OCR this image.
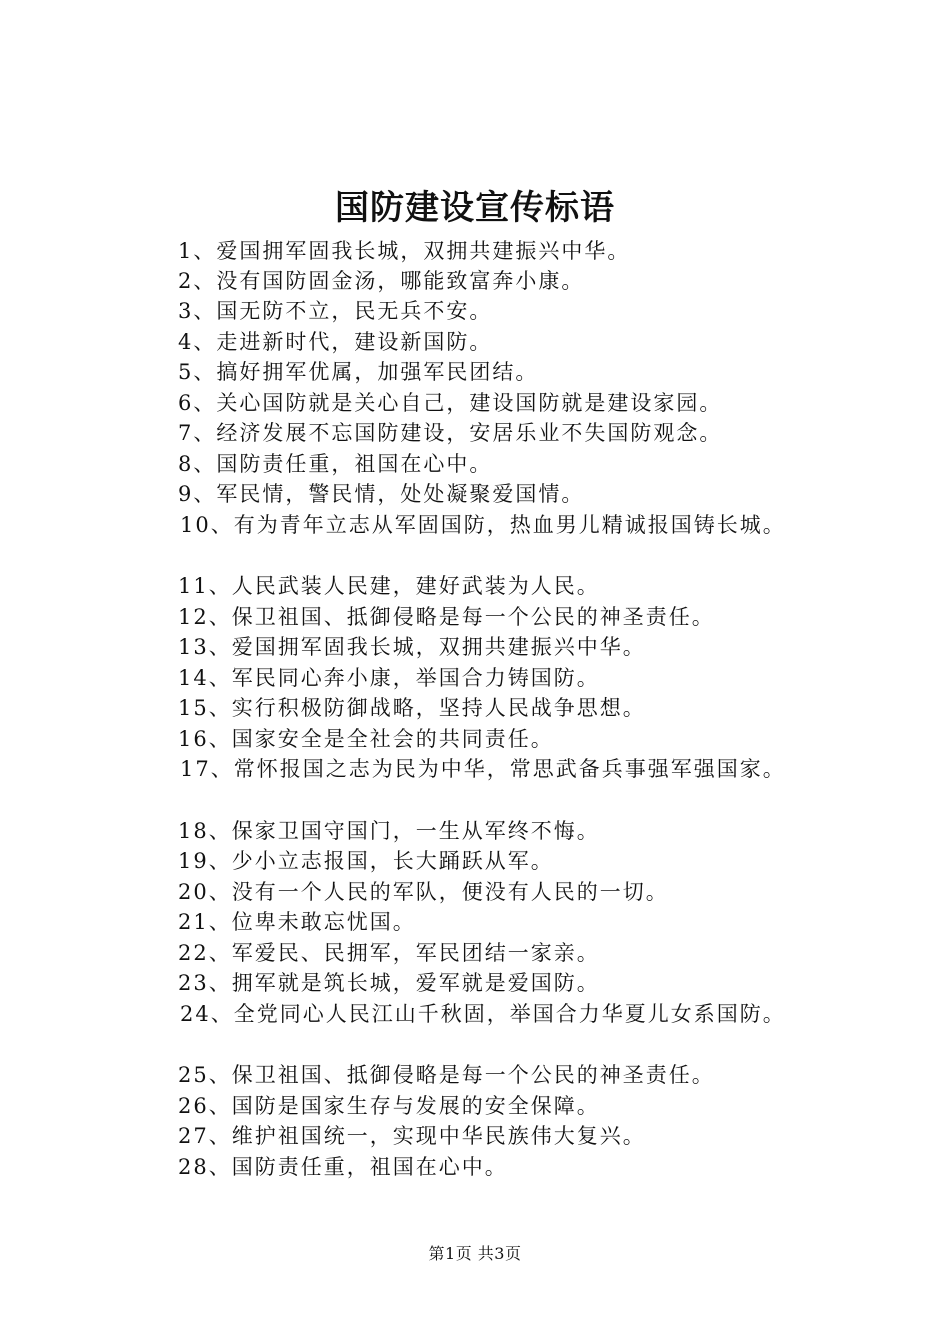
国防建设宣传标语
1、爱国拥军固我长城，双拥共建振兴中华。
2、没有国防固金汤，哪能致富奔小康。
3、国无防不立，民无兵不安。
4、走进新时代，建设新国防。
5、搞好拥军优属，加强军民团结。
6、关心国防就是关心自己，建设国防就是建设家园。
7、经济发展不忘国防建设，安居乐业不失国防观念。
8、国防责任重，祖国在心中。
9、军民情，警民情，处处凝聚爱国情。
10、有为青年立志从军固国防，热血男儿精诚报国铸长城。
11、人民武装人民建，建好武装为人民。
12、保卫祖国、抵御侵略是每一个公民的神圣责任。
13、爱国拥军固我长城，双拥共建振兴中华。
14、军民同心奔小康，举国合力铸国防。
15、实行积极防御战略，坚持人民战争思想。
16、国家安全是全社会的共同责任。
17、常怀报国之志为民为中华，常思武备兵事强军强国家。
18、保家卫国守国门，一生从军终不悔。
19、少小立志报国，长大踊跃从军。
20、没有一个人民的军队，便没有人民的一切。
21、位卑未敢忘忧国。
22、军爱民、民拥军，军民团结一家亲。
23、拥军就是筑长城，爱军就是爱国防。
24、全党同心人民江山千秋固，举国合力华夏儿女系国防。
25、保卫祖国、抵御侵略是每一个公民的神圣责任。
26、国防是国家生存与发展的安全保障。
27、维护祖国统一，实现中华民族伟大复兴。
28、国防责任重，祖国在心中。
第1页 共3页
